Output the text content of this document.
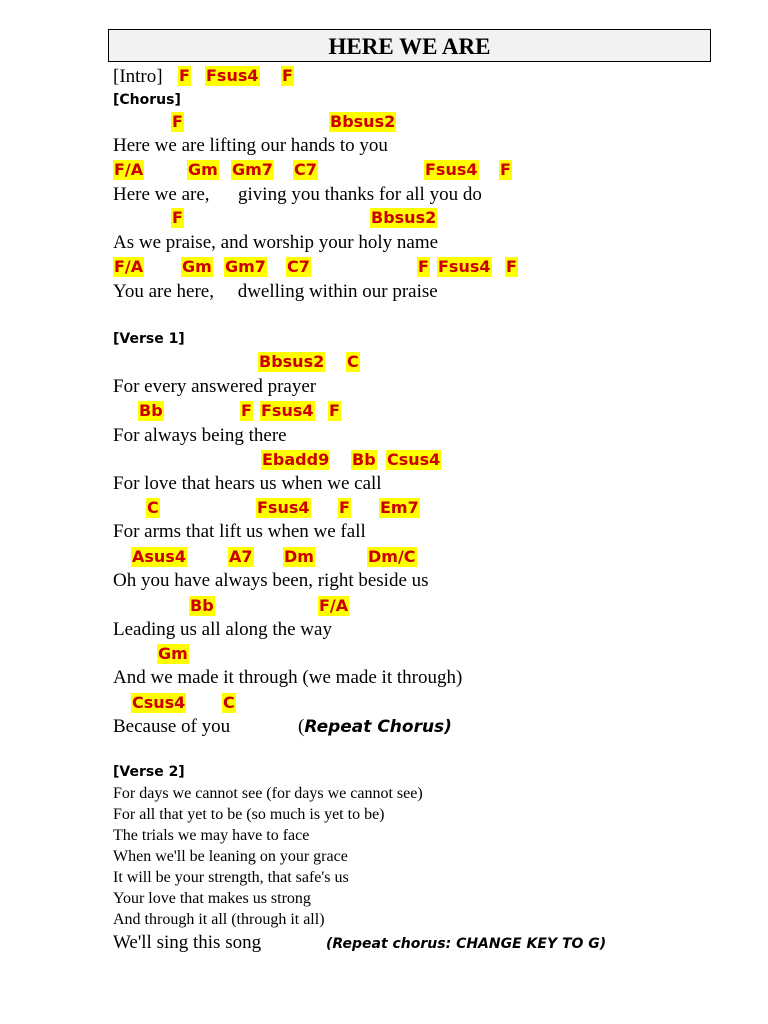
HERE WE ARE
[Intro] F Fsus4 F
[Chorus]
F	Bbsus2
Here we are lifting our hands to you
F/A	Gm Gm7 C7	Fsus4 F
Here we are,      giving you thanks for all you do
F	Bbsus2
As we praise, and worship your holy name
F/A Gm Gm7 C7	F Fsus4 F
You are here,     dwelling within our praise
[Verse 1]
Bbsus2 C
For every answered prayer
Bb	F Fsus4 F
For always being there
Ebadd9 Bb Csus4
For love that hears us when we call
C	Fsus4 F Em7
For arms that lift us when we fall
Asus4	A7 Dm	Dm/C
Oh you have always been, right beside us
Bb	F/A
Leading us all along the way
Gm
And we made it through (we made it through)
Csus4 C
Because of you	(Repeat Chorus)
[Verse 2]
For days we cannot see (for days we cannot see)
For all that yet to be (so much is yet to be)
The trials we may have to face
When we'll be leaning on your grace
It will be your strength, that safe's us
Your love that makes us strong
And through it all (through it all)
We'll sing this song	(Repeat chorus: CHANGE KEY TO G)
